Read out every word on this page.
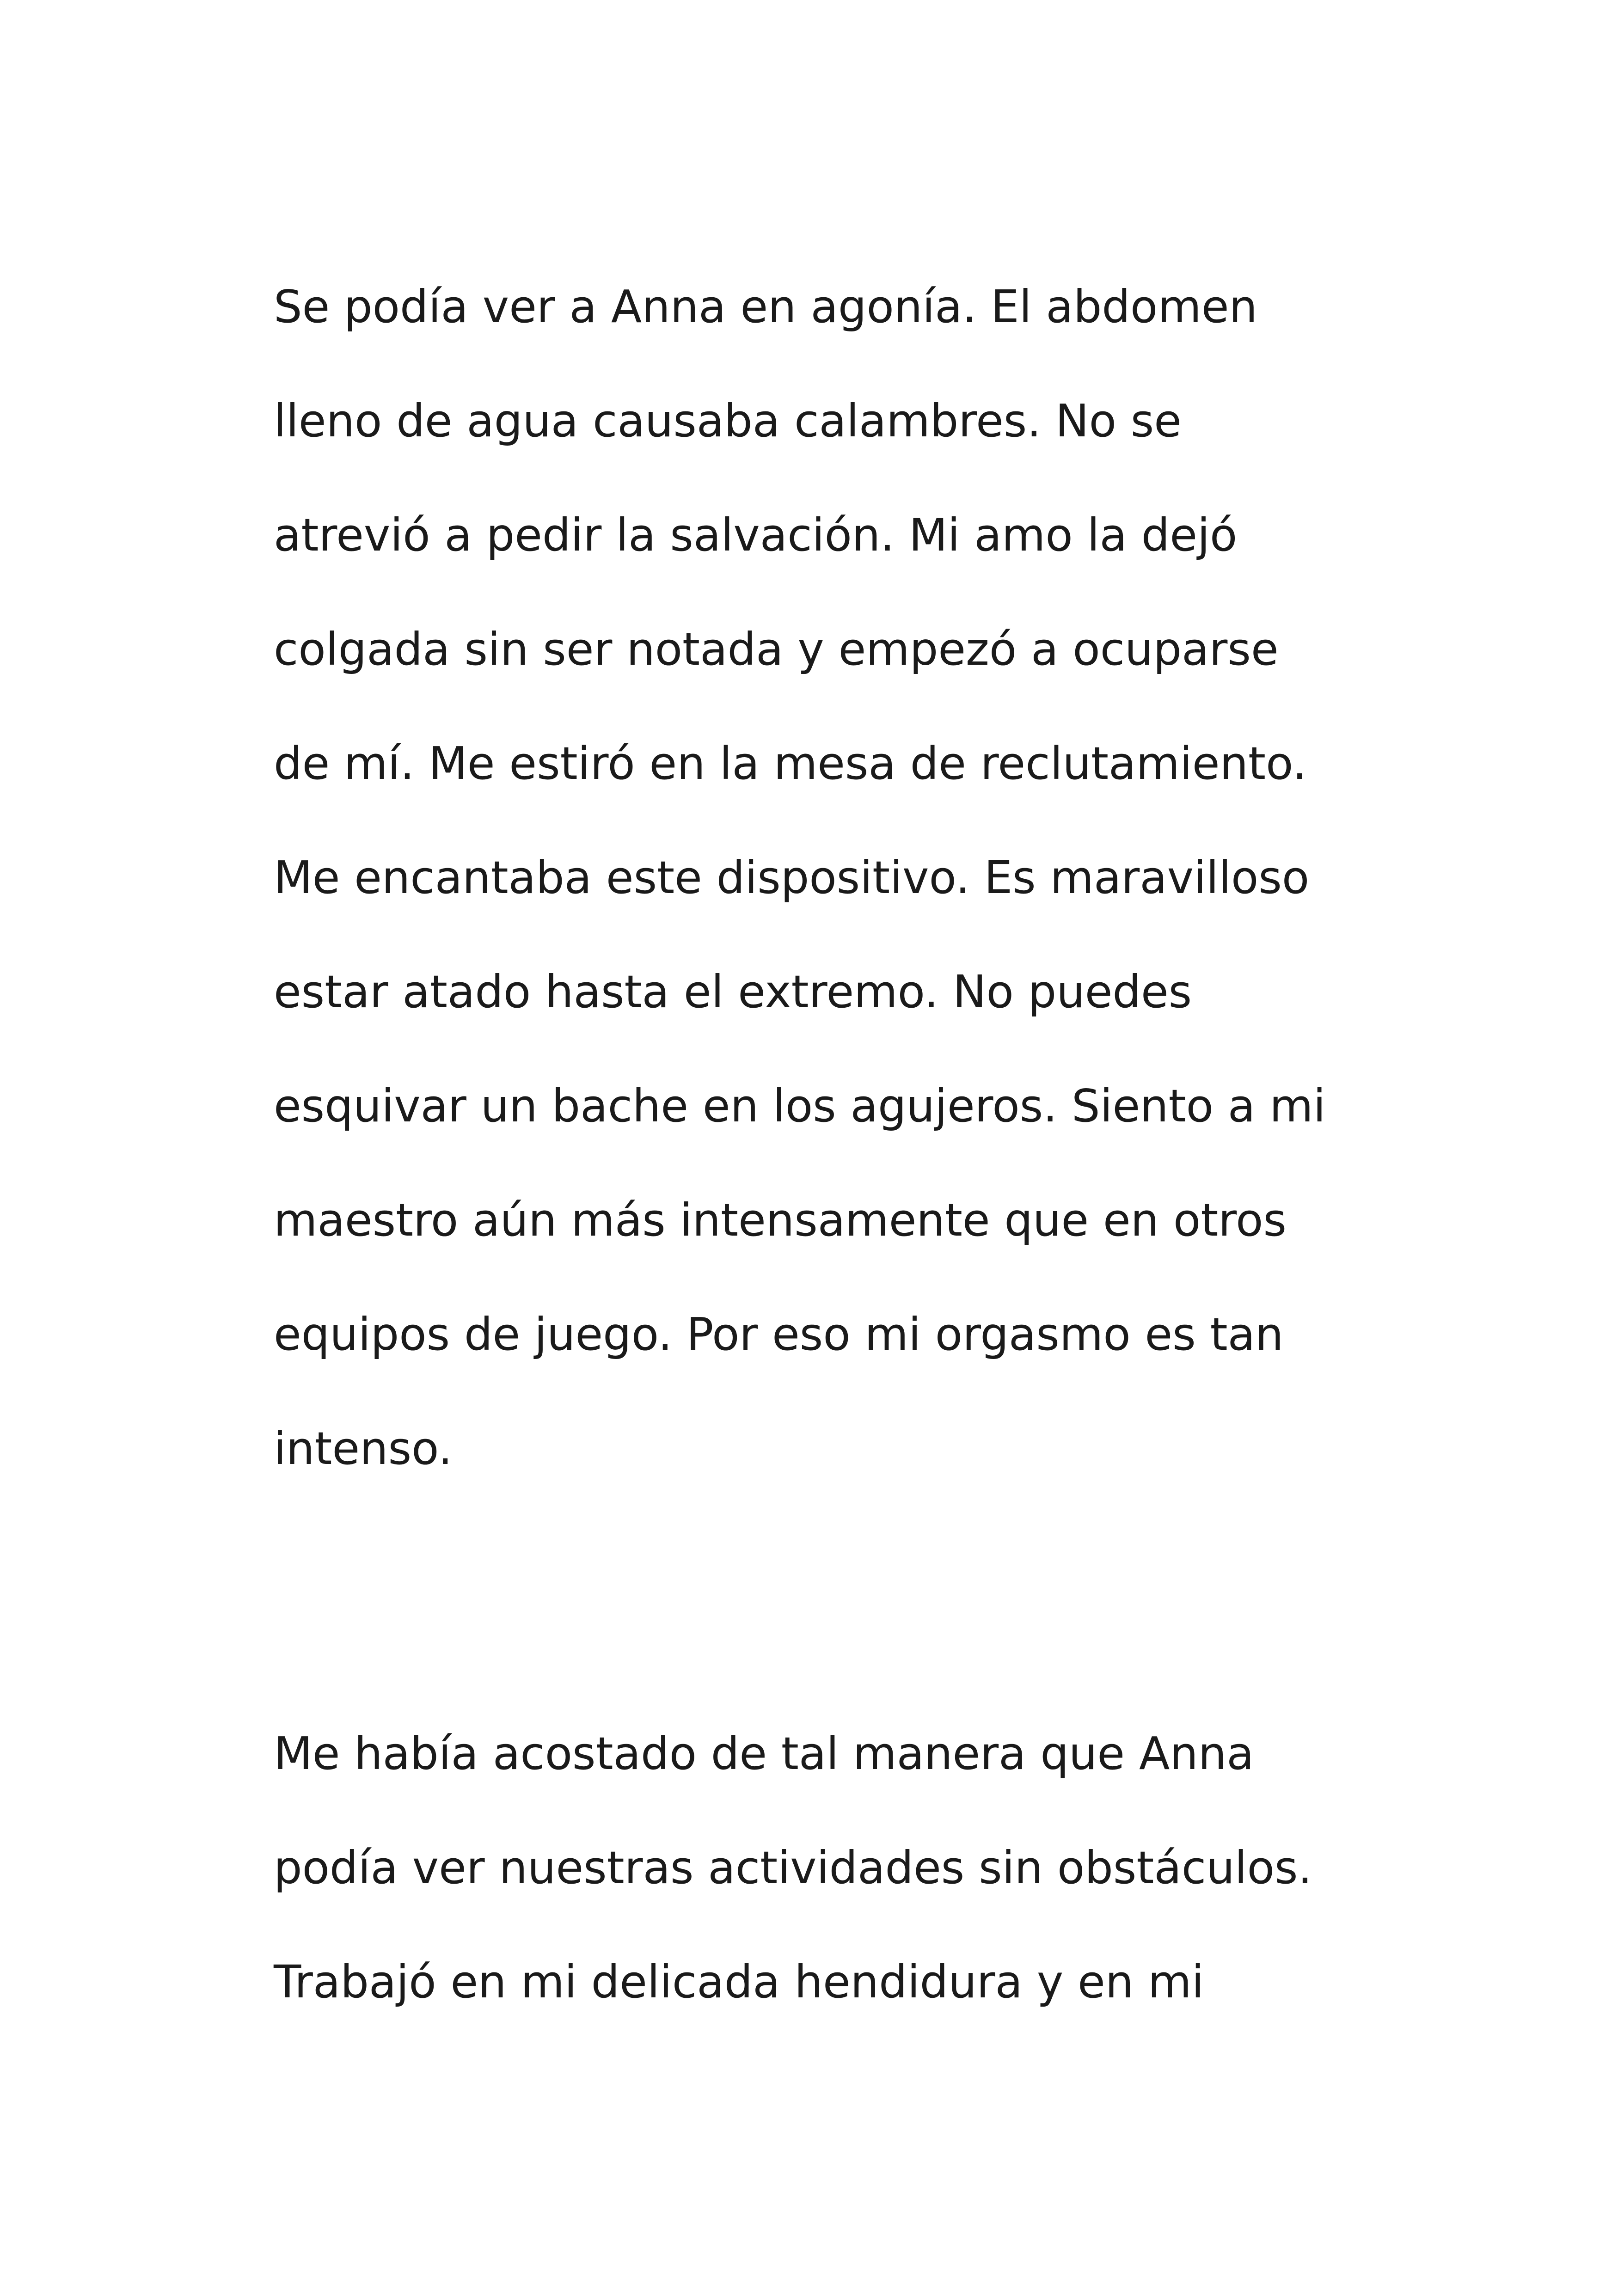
Se podía ver a Anna en agonía. El abdomen
lleno de agua causaba calambres. No se
atrevió a pedir la salvación. Mi amo la dejó
colgada sin ser notada y empezó a ocuparse
de mí. Me estiró en la mesa de reclutamiento.
Me encantaba este dispositivo. Es maravilloso
estar atado hasta el extremo. No puedes
esquivar un bache en los agujeros. Siento a mi
maestro aún más intensamente que en otros
equipos de juego. Por eso mi orgasmo es tan
intenso.

Me había acostado de tal manera que Anna
podía ver nuestras actividades sin obstáculos.
Trabajó en mi delicada hendidura y en mi
